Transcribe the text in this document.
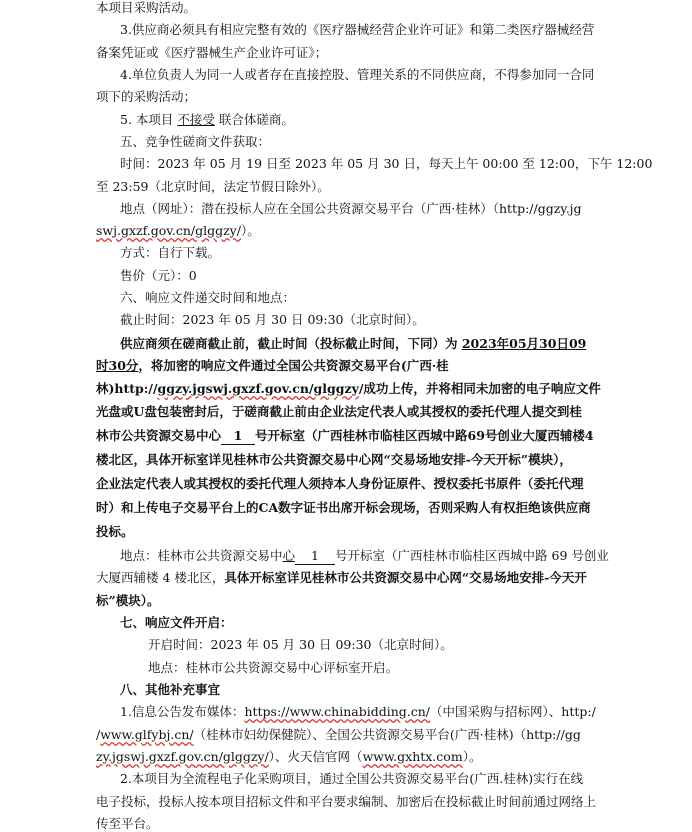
本项目采购活动。
3.供应商必须具有相应完整有效的《医疗器械经营企业许可证》和第二类医疗器械经营
备案凭证或《医疗器械生产企业许可证》；
4.单位负责人为同一人或者存在直接控股、管理关系的不同供应商，不得参加同一合同
项下的采购活动；
5. 本项目 不接受 联合体磋商。
五、竞争性磋商文件获取：
时间：2023 年 05 月 19 日至 2023 年 05 月 30 日，每天上午 00:00 至 12:00，下午 12:00
至 23:59（北京时间，法定节假日除外）。
地点（网址）：潜在投标人应在全国公共资源交易平台（广西·桂林）（http://ggzy.jg
swj.gxzf.gov.cn/glggzy/）。
方式：自行下载。
售价（元）：0
六、响应文件递交时间和地点：
截止时间：2023 年 05 月 30 日 09:30（北京时间）。
供应商须在磋商截止前，截止时间（投标截止时间，下同）为 2023年05月30日09
时30分，将加密的响应文件通过全国公共资源交易平台(广西·桂
林)http://ggzy.jgswj.gxzf.gov.cn/glggzy/成功上传，并将相同未加密的电子响应文件
光盘或U盘包装密封后，于磋商截止前由企业法定代表人或其授权的委托代理人提交到桂
林市公共资源交易中心 1 号开标室（广西桂林市临桂区西城中路69号创业大厦西辅楼4
楼北区，具体开标室详见桂林市公共资源交易中心网“交易场地安排-今天开标”模块），
企业法定代表人或其授权的委托代理人须持本人身份证原件、授权委托书原件（委托代理
时）和上传电子交易平台上的CA数字证书出席开标会现场，否则采购人有权拒绝该供应商
投标。
地点：桂林市公共资源交易中心 1 号开标室（广西桂林市临桂区西城中路 69 号创业
大厦西辅楼 4 楼北区，具体开标室详见桂林市公共资源交易中心网“交易场地安排-今天开
标”模块）。
七、响应文件开启：
开启时间：2023 年 05 月 30 日 09:30（北京时间）。
地点：桂林市公共资源交易中心评标室开启。
八、其他补充事宜
1.信息公告发布媒体：https://www.chinabidding.cn/（中国采购与招标网）、http:/
/www.glfybj.cn/（桂林市妇幼保健院）、全国公共资源交易平台(广西·桂林)（http://gg
zy.jgswj.gxzf.gov.cn/glggzy/）、火天信官网（www.gxhtx.com）。
2.本项目为全流程电子化采购项目，通过全国公共资源交易平台(广西.桂林)实行在线
电子投标，投标人按本项目招标文件和平台要求编制、加密后在投标截止时间前通过网络上
传至平台。
